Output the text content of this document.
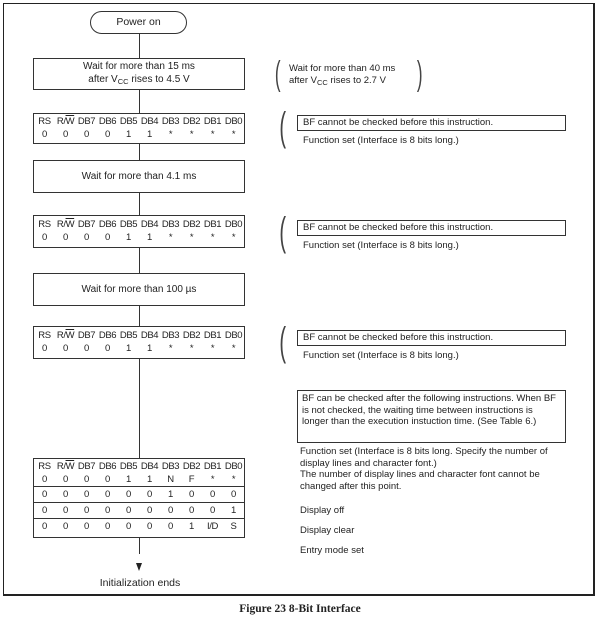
Power on
Wait for more than 15 ms
after $V_{CC}$ rises to 4.5 V
RS	$R/\overline{W}$	DB7	DB6	DB5	DB4	DB3	DB2	DB1	DB0
0	0	0	0	1	1	*	*	*	*
Wait for more than 4.1 ms
RS	$R/\overline{W}$	DB7	DB6	DB5	DB4	DB3	DB2	DB1	DB0
0	0	0	0	1	1	*	*	*	*
Wait for more than 100 µs
RS	$R/\overline{W}$	DB7	DB6	DB5	DB4	DB3	DB2	DB1	DB0
0	0	0	0	1	1	*	*	*	*
RS	$R/\overline{W}$	DB7	DB6	DB5	DB4	DB3	DB2	DB1	DB0
0	0	0	0	1	1	N	F	*	*
0	0	0	0	0	0	1	0	0	0
0	0	0	0	0	0	0	0	0	1
0	0	0	0	0	0	0	1	I/D	S
Initialization ends
( Wait for more than 40 ms
after $V_{CC}$ rises to 2.7 V )
(	BF cannot be checked before this instruction.
Function set (Interface is 8 bits long.)
(	BF cannot be checked before this instruction.
Function set (Interface is 8 bits long.)
(	BF cannot be checked before this instruction.
Function set (Interface is 8 bits long.)
BF can be checked after the following instructions. When BF is not checked, the waiting time between instructions is longer than the execution instuction time. (See Table 6.)
Function set (Interface is 8 bits long. Specify the number of display lines and character font.)
The number of display lines and character font cannot be changed after this point.
Display off
Display clear
Entry mode set
Figure 23 8-Bit Interface
